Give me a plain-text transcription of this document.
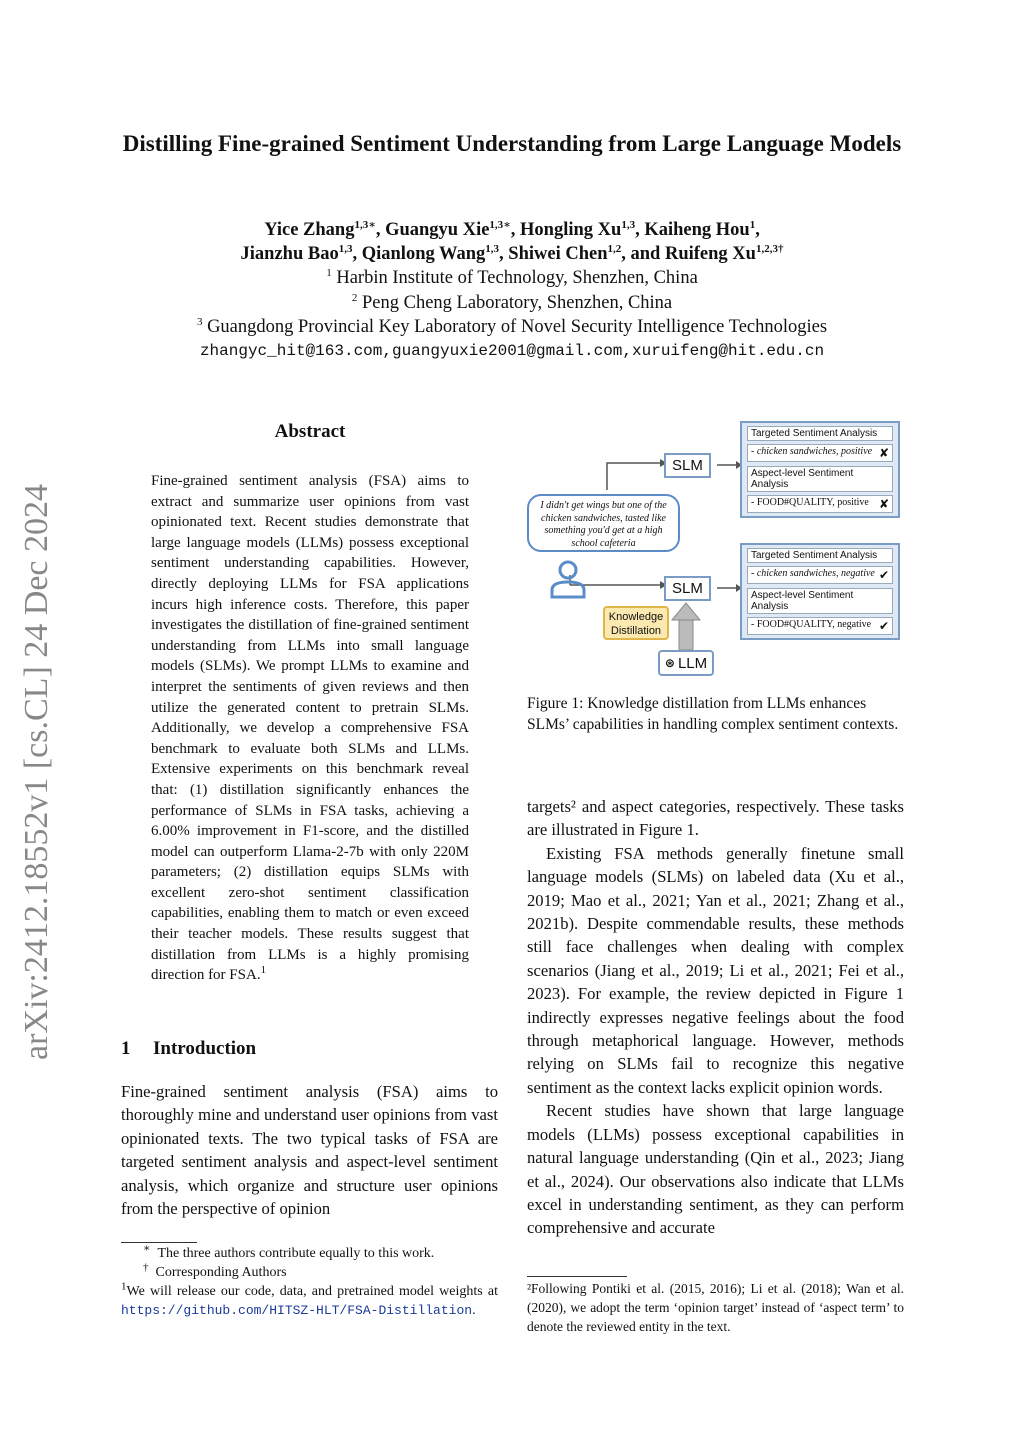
Distilling Fine-grained Sentiment Understanding from Large Language Models
Yice Zhang$^{1,3∗}$, Guangyu Xie$^{1,3∗}$, Hongling Xu$^{1,3}$, Kaiheng Hou$^1$,
Jianzhu Bao$^{1,3}$, Qianlong Wang$^{1,3}$, Shiwei Chen$^{1,2}$, and Ruifeng $Xu^{1,2,3\dagger}$
$^1$ Harbin Institute of Technology, Shenzhen, China
$^2$ Peng Cheng Laboratory, Shenzhen, China
$^3$ Guangdong Provincial Key Laboratory of Novel Security Intelligence Technologies
zhangyc_hit@163.com,guangyuxie2001@gmail.com,xuruifeng@hit.edu.cn
arXiv:2412.18552v1 [cs.CL] 24 Dec 2024
Abstract
Fine-grained sentiment analysis (FSA) aims to extract and summarize user opinions from vast opinionated text. Recent studies demonstrate that large language models (LLMs) possess exceptional sentiment understanding capabilities. However, directly deploying LLMs for FSA applications incurs high inference costs. Therefore, this paper investigates the distillation of fine-grained sentiment understanding from LLMs into small language models (SLMs). We prompt LLMs to examine and interpret the sentiments of given reviews and then utilize the generated content to pretrain SLMs. Additionally, we develop a comprehensive FSA benchmark to evaluate both SLMs and LLMs. Extensive experiments on this benchmark reveal that: (1) distillation significantly enhances the performance of SLMs in FSA tasks, achieving a 6.00% improvement in F1-score, and the distilled model can outperform Llama-2-7b with only 220M parameters; (2) distillation equips SLMs with excellent zero-shot sentiment classification capabilities, enabling them to match or even exceed their teacher models. These results suggest that distillation from LLMs is a highly promising direction for FSA.$^1$
1 Introduction
Fine-grained sentiment analysis (FSA) aims to thoroughly mine and understand user opinions from vast opinionated texts. The two typical tasks of FSA are targeted sentiment analysis and aspect-level sentiment analysis, which organize and structure user opinions from the perspective of opinion
∗ The three authors contribute equally to this work.
† Corresponding Authors
$^1$We will release our code, data, and pretrained model weights at https://github.com/HITSZ-HLT/FSA-Distillation.
I didn't get wings but one of the chicken sandwiches, tasted like something you'd get at a high school cafeteria
SLM
SLM
Knowledge
Distillation
⊛ LLM
Targeted Sentiment Analysis
- chicken sandwiches, positive ✘
Aspect-level Sentiment Analysis
- FOOD#QUALITY, positive ✘
Targeted Sentiment Analysis
- chicken sandwiches, negative ✔
Aspect-level Sentiment Analysis
- FOOD#QUALITY, negative ✔
Figure 1: Knowledge distillation from LLMs enhances SLMs’ capabilities in handling complex sentiment contexts.

targets² and aspect categories, respectively. These tasks are illustrated in Figure 1.

Existing FSA methods generally finetune small language models (SLMs) on labeled data (Xu et al., 2019; Mao et al., 2021; Yan et al., 2021; Zhang et al., 2021b). Despite commendable results, these methods still face challenges when dealing with complex scenarios (Jiang et al., 2019; Li et al., 2021; Fei et al., 2023). For example, the review depicted in Figure 1 indirectly expresses negative feelings about the food through metaphorical language. However, methods relying on SLMs fail to recognize this negative sentiment as the context lacks explicit opinion words.

Recent studies have shown that large language models (LLMs) possess exceptional capabilities in natural language understanding (Qin et al., 2023; Jiang et al., 2024). Our observations also indicate that LLMs excel in understanding sentiment, as they can perform comprehensive and accurate

²Following Pontiki et al. (2015, 2016); Li et al. (2018); Wan et al. (2020), we adopt the term ‘opinion target’ instead of ‘aspect term’ to denote the reviewed entity in the text.
